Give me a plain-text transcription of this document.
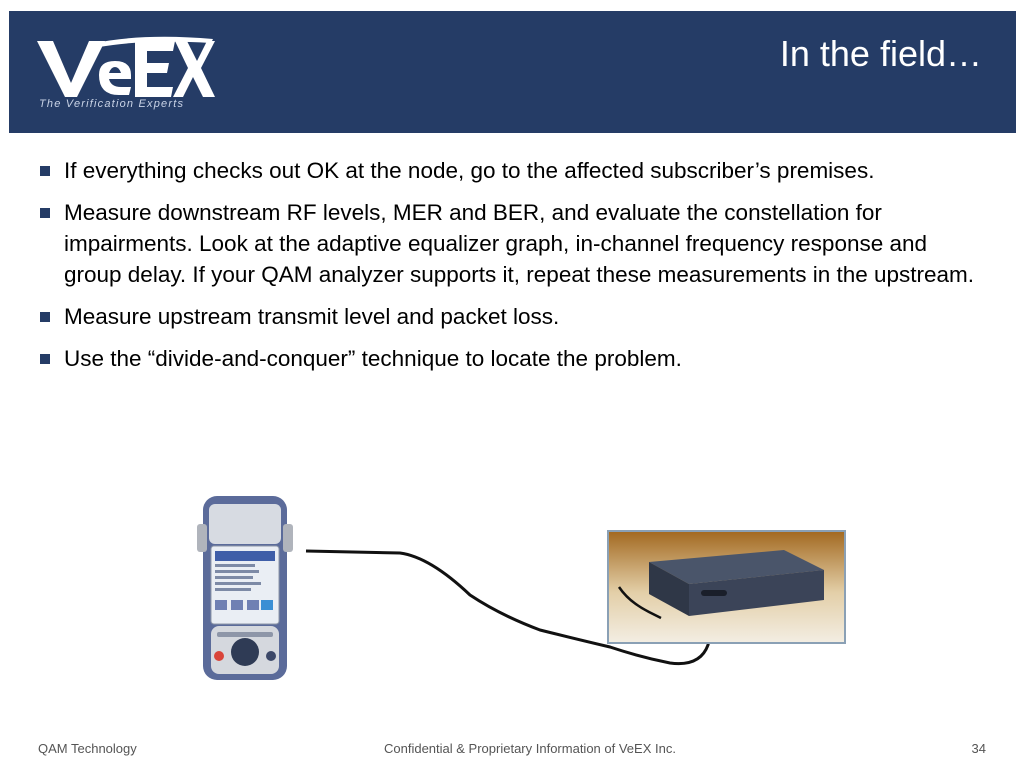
The Verification Experts
In the field…
If everything checks out OK at the node, go to the affected subscriber’s premises.
Measure downstream RF levels, MER and BER, and evaluate the constellation for impairments. Look at the adaptive equalizer graph, in-channel frequency response and group delay. If your QAM analyzer supports it, repeat these measurements in the upstream.
Measure upstream transmit level and packet loss.
Use the “divide-and-conquer” technique to locate the problem.
QAM Technology	Confidential & Proprietary Information of VeEX Inc.	34
